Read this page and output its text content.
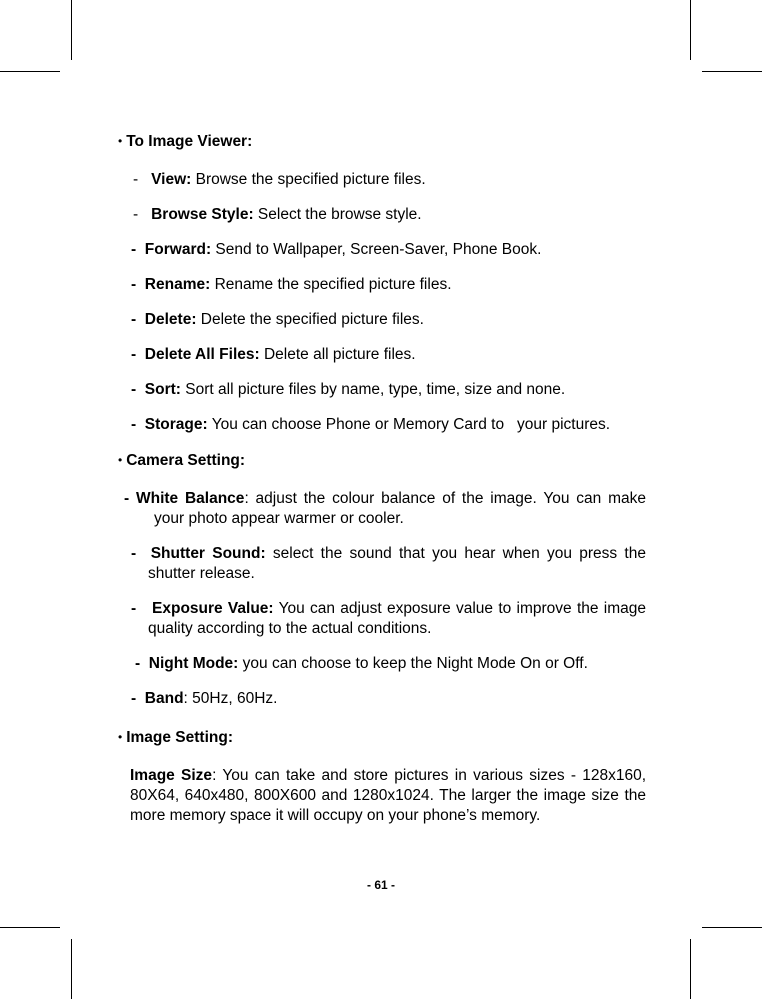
• To Image Viewer:
- View: Browse the specified picture files.
- Browse Style: Select the browse style.
- Forward: Send to Wallpaper, Screen-Saver, Phone Book.
- Rename: Rename the specified picture files.
- Delete: Delete the specified picture files.
- Delete All Files: Delete all picture files.
- Sort: Sort all picture files by name, type, time, size and none.
- Storage: You can choose Phone or Memory Card to   your pictures.
• Camera Setting:
- White Balance: adjust the colour balance of the image. You can make your photo appear warmer or cooler.
- Shutter Sound: select the sound that you hear when you press the shutter release.
- Exposure Value: You can adjust exposure value to improve the image quality according to the actual conditions.
- Night Mode: you can choose to keep the Night Mode On or Off.
- Band: 50Hz, 60Hz.
• Image Setting:
Image Size: You can take and store pictures in various sizes - 128x160, 80X64, 640x480, 800X600 and 1280x1024. The larger the image size the more memory space it will occupy on your phone’s memory.
- 61 -
